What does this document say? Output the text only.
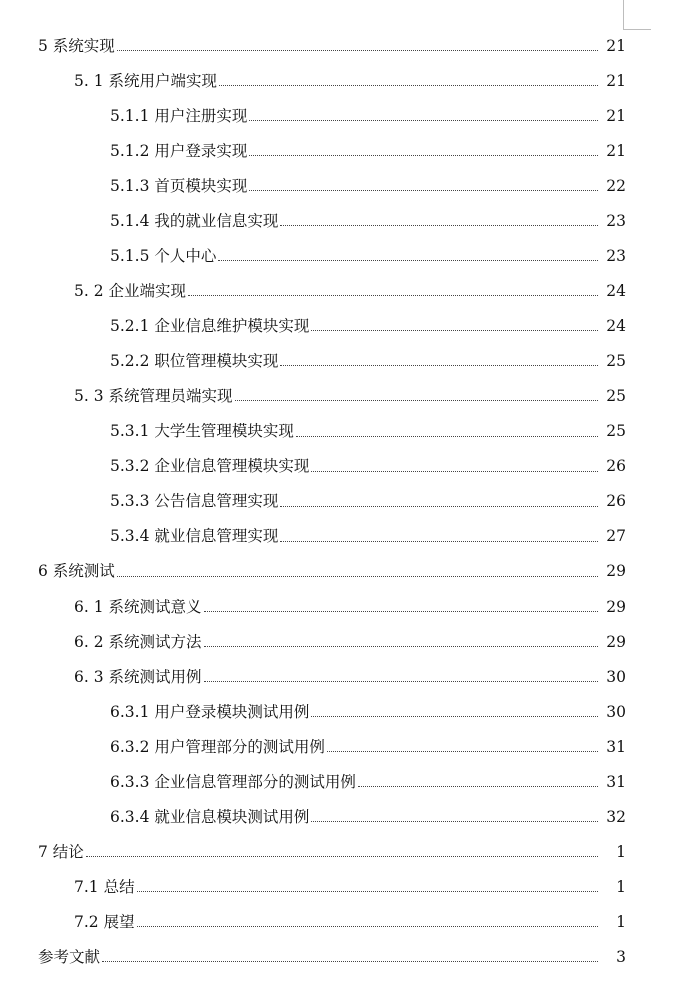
5 系统实现	21
5. 1 系统用户端实现	21
5.1.1 用户注册实现	21
5.1.2 用户登录实现	21
5.1.3 首页模块实现	22
5.1.4 我的就业信息实现	23
5.1.5 个人中心	23
5. 2 企业端实现	24
5.2.1 企业信息维护模块实现	24
5.2.2 职位管理模块实现	25
5. 3 系统管理员端实现	25
5.3.1 大学生管理模块实现	25
5.3.2 企业信息管理模块实现	26
5.3.3 公告信息管理实现	26
5.3.4 就业信息管理实现	27
6 系统测试	29
6. 1 系统测试意义	29
6. 2 系统测试方法	29
6. 3 系统测试用例	30
6.3.1 用户登录模块测试用例	30
6.3.2 用户管理部分的测试用例	31
6.3.3 企业信息管理部分的测试用例	31
6.3.4 就业信息模块测试用例	32
7 结论	1
7.1 总结	1
7.2 展望	1
参考文献	3
